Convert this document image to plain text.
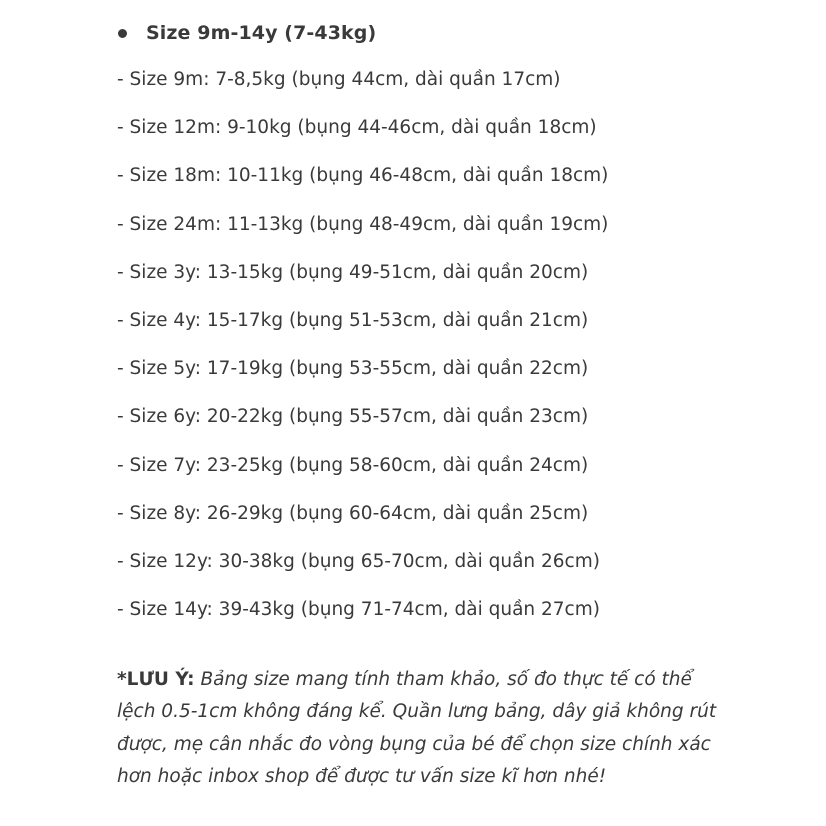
Size 9m-14y (7-43kg)
- Size 9m: 7-8,5kg (bụng 44cm, dài quần 17cm)
- Size 12m: 9-10kg (bụng 44-46cm, dài quần 18cm)
- Size 18m: 10-11kg (bụng 46-48cm, dài quần 18cm)
- Size 24m: 11-13kg (bụng 48-49cm, dài quần 19cm)
- Size 3y: 13-15kg (bụng 49-51cm, dài quần 20cm)
- Size 4y: 15-17kg (bụng 51-53cm, dài quần 21cm)
- Size 5y: 17-19kg (bụng 53-55cm, dài quần 22cm)
- Size 6y: 20-22kg (bụng 55-57cm, dài quần 23cm)
- Size 7y: 23-25kg (bụng 58-60cm, dài quần 24cm)
- Size 8y: 26-29kg (bụng 60-64cm, dài quần 25cm)
- Size 12y: 30-38kg (bụng 65-70cm, dài quần 26cm)
- Size 14y: 39-43kg (bụng 71-74cm, dài quần 27cm)

*LƯU Ý: Bảng size mang tính tham khảo, số đo thực tế có thể lệch 0.5-1cm không đáng kể. Quần lưng bảng, dây giả không rút được, mẹ cân nhắc đo vòng bụng của bé để chọn size chính xác hơn hoặc inbox shop để được tư vấn size kĩ hơn nhé!
